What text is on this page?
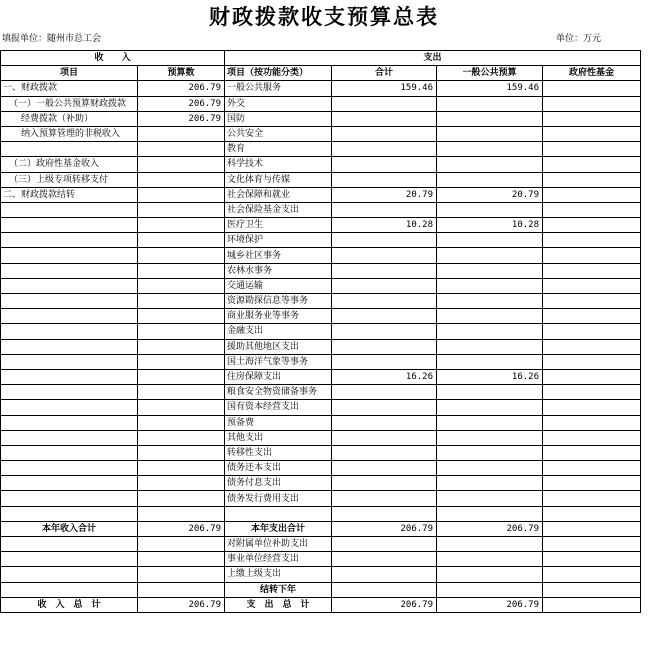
财政拨款收支预算总表
填报单位：随州市总工会	单位：万元
收　　入		支出			
项目	预算数	项目（按功能分类）	合计	一般公共预算	政府性基金
一、财政拨款	206.79	一般公共服务	159.46	159.46	
（一）一般公共预算财政拨款	206.79	外交			
经费拨款（补助）	206.79	国防			
纳入预算管理的非税收入		公共安全			
		教育			
（二）政府性基金收入		科学技术			
（三）上级专项转移支付		文化体育与传媒			
二、财政拨款结转		社会保障和就业	20.79	20.79	
		社会保险基金支出			
		医疗卫生	10.28	10.28	
		环境保护			
		城乡社区事务			
		农林水事务			
		交通运输			
		资源勘探信息等事务			
		商业服务业等事务			
		金融支出			
		援助其他地区支出			
		国土海洋气象等事务			
		住房保障支出	16.26	16.26	
		粮食安全物资储备事务			
		国有资本经营支出			
		预备费			
		其他支出			
		转移性支出			
		债务还本支出			
		债务付息支出			
		债务发行费用支出			

本年收入合计	206.79	本年支出合计	206.79	206.79	
		对附属单位补助支出			
		事业单位经营支出			
		上缴上级支出			
		结转下年			
收　入　总　计	206.79	支　出　总　计	206.79	206.79	
